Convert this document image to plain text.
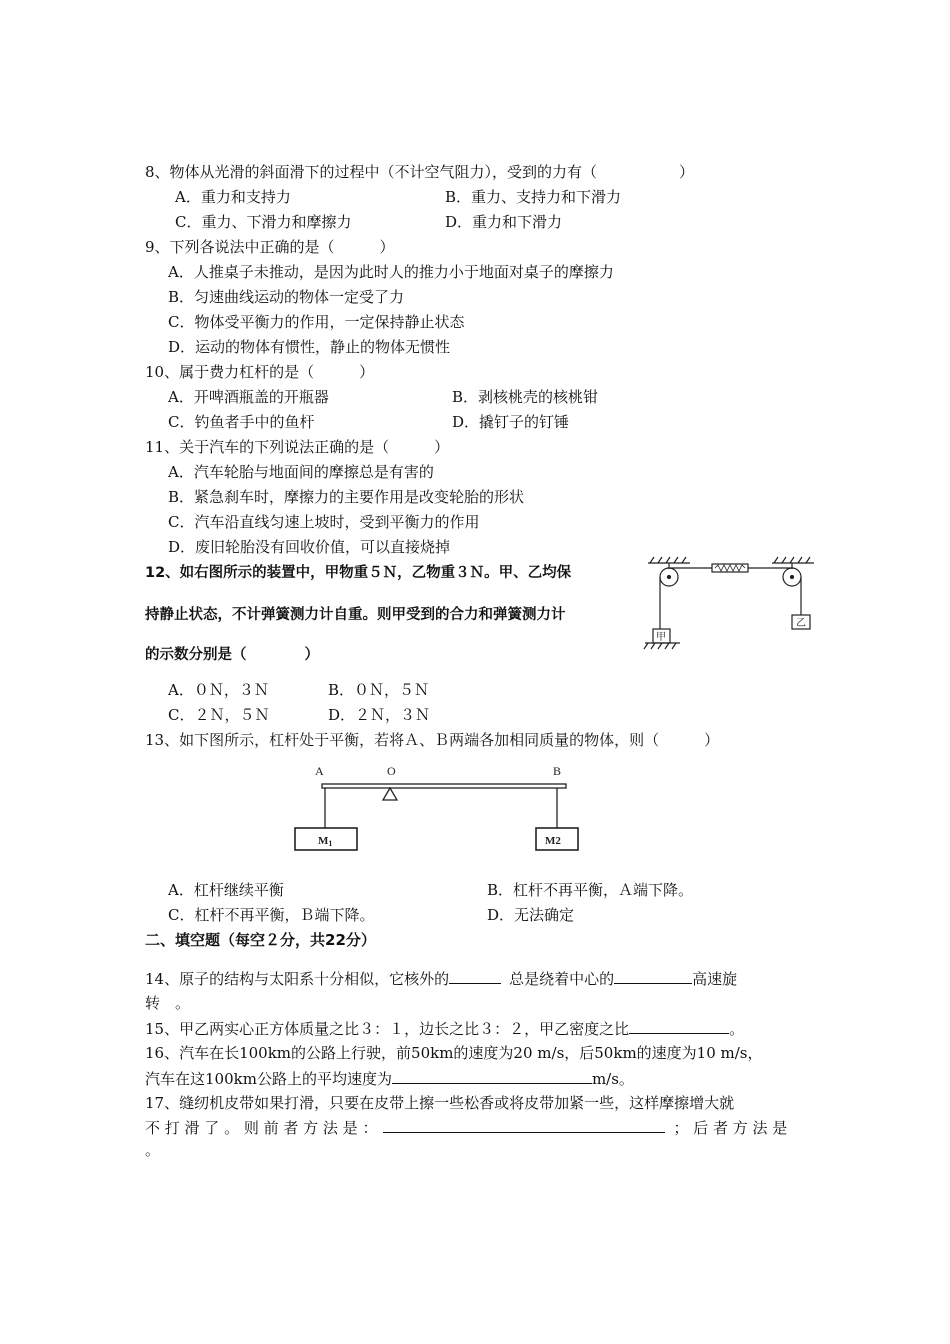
8、物体从光滑的斜面滑下的过程中（不计空气阻力），受到的力有（	）
A．重力和支持力	B．重力、支持力和下滑力
C．重力、下滑力和摩擦力	D．重力和下滑力
9、下列各说法中正确的是（　　　）
A．人推桌子未推动，是因为此时人的推力小于地面对桌子的摩擦力
B．匀速曲线运动的物体一定受了力
C．物体受平衡力的作用，一定保持静止状态
D．运动的物体有惯性，静止的物体无惯性
10、属于费力杠杆的是（　　　）
A．开啤酒瓶盖的开瓶器	B．剥核桃壳的核桃钳
C．钓鱼者手中的鱼杆	D．撬钉子的钉锤
11、关于汽车的下列说法正确的是（　　　）
A．汽车轮胎与地面间的摩擦总是有害的
B．紧急刹车时，摩擦力的主要作用是改变轮胎的形状
C．汽车沿直线匀速上坡时，受到平衡力的作用
D．废旧轮胎没有回收价值，可以直接烧掉
12、如右图所示的装置中，甲物重５Ｎ，乙物重３Ｎ。甲、乙均保
持静止状态，不计弹簧测力计自重。则甲受到的合力和弹簧测力计
的示数分别是（　　　　）
甲
乙
A．０Ｎ，３Ｎ	B．０Ｎ，５Ｎ
C．２Ｎ，５Ｎ	D．２Ｎ，３Ｎ
13、如下图所示，杠杆处于平衡，若将Ａ、Ｂ两端各加相同质量的物体，则（　　　）
A	O	B
M1	M2
A．杠杆继续平衡	B．杠杆不再平衡，Ａ端下降。
C．杠杆不再平衡，Ｂ端下降。	D．无法确定
二、填空题（每空２分，共22分）
14、原子的结构与太阳系十分相似，它核外的	总是绕着中心的	高速旋
转　。
15、甲乙两实心正方体质量之比３：１，边长之比３：２，甲乙密度之比	。
16、汽车在长100km的公路上行驶，前50km的速度为20 m/s，后50km的速度为10 m/s，
汽车在这100km公路上的平均速度为	m/s。
17、缝纫机皮带如果打滑，只要在皮带上擦一些松香或将皮带加紧一些，这样摩擦增大就
不 打 滑 了 。 则 前 者 方 法 是 ：	； 后 者 方 法 是
。
